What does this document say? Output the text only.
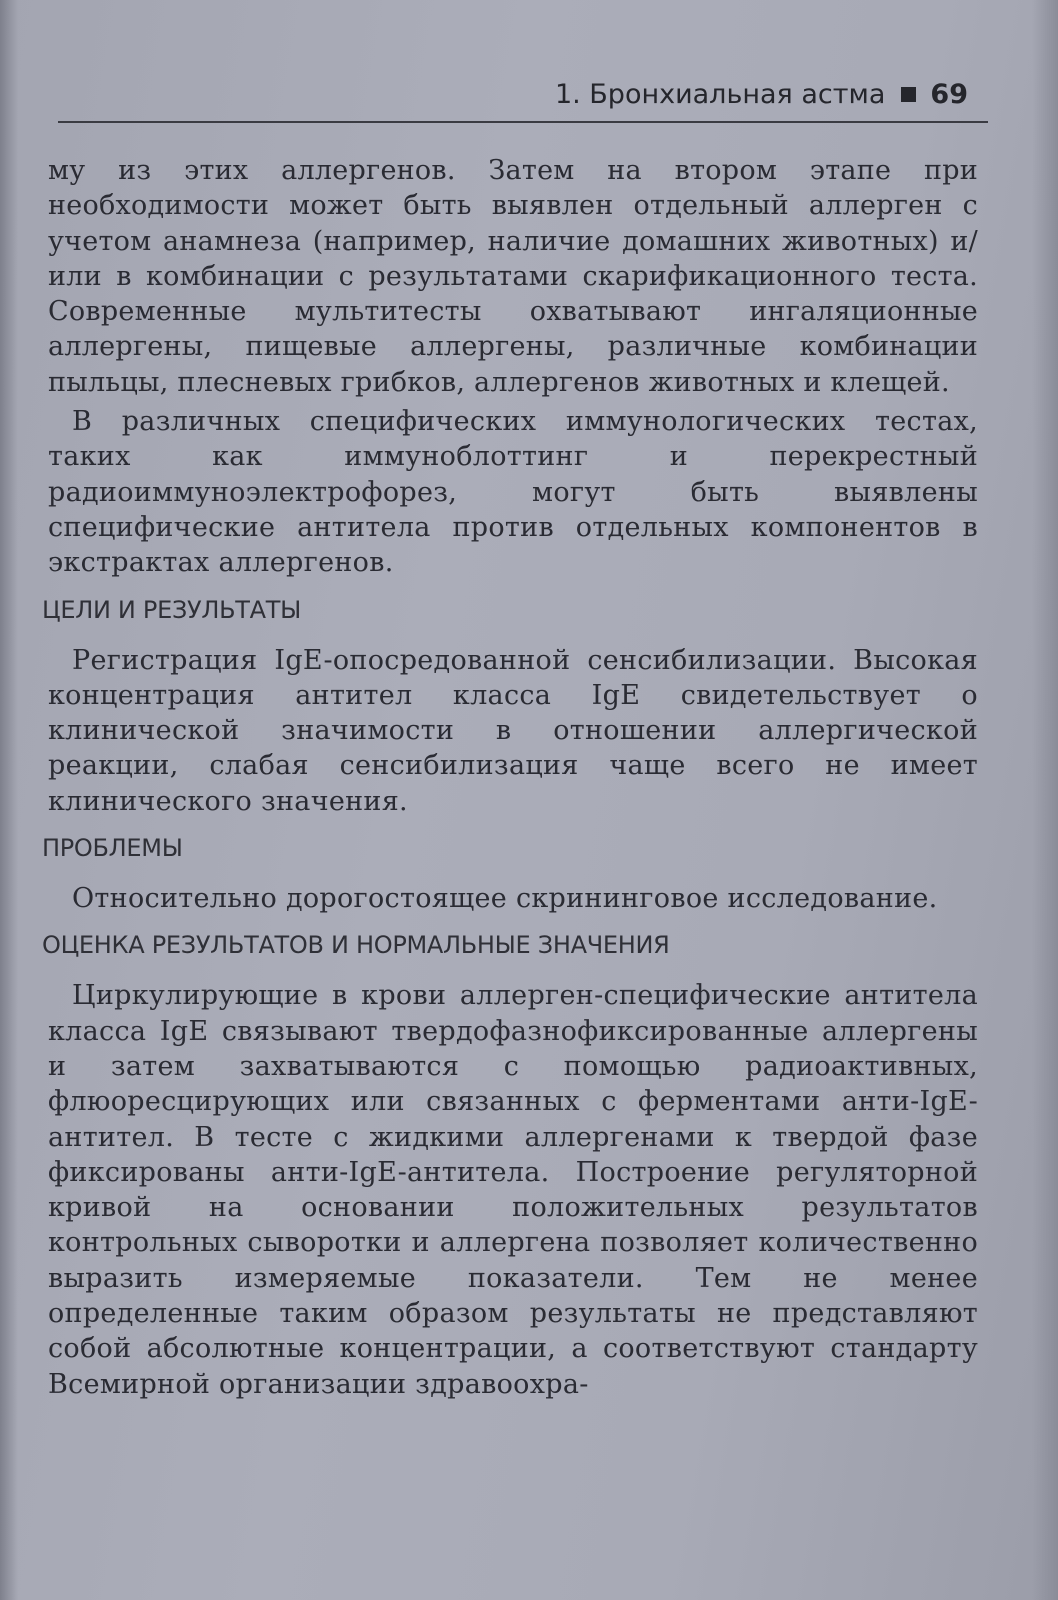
1. Бронхиальная астма 69

му из этих аллергенов. Затем на втором этапе при необходимости может быть выявлен отдельный аллерген с учетом анамнеза (например, наличие домашних животных) и/или в комбинации с результатами скарификационного теста. Современные мультитесты охватывают ингаляционные аллергены, пищевые аллергены, различные комбинации пыльцы, плесневых грибков, аллергенов животных и клещей.

В различных специфических иммунологических тестах, таких как иммуноблоттинг и перекрестный радиоиммуноэлектрофорез, могут быть выявлены специфические антитела против отдельных компонентов в экстрактах аллергенов.

ЦЕЛИ И РЕЗУЛЬТАТЫ

Регистрация IgE-опосредованной сенсибилизации. Высокая концентрация антител класса IgE свидетельствует о клинической значимости в отношении аллергической реакции, слабая сенсибилизация чаще всего не имеет клинического значения.

ПРОБЛЕМЫ

Относительно дорогостоящее скрининговое исследование.

ОЦЕНКА РЕЗУЛЬТАТОВ И НОРМАЛЬНЫЕ ЗНАЧЕНИЯ

Циркулирующие в крови аллерген-специфические антитела класса IgE связывают твердофазнофиксированные аллергены и затем захватываются с помощью радиоактивных, флюоресцирующих или связанных с ферментами анти-IgE-антител. В тесте с жидкими аллергенами к твердой фазе фиксированы анти-IgE-антитела. Построение регуляторной кривой на основании положительных результатов контрольных сыворотки и аллергена позволяет количественно выразить измеряемые показатели. Тем не менее определенные таким образом результаты не представляют собой абсолютные концентрации, а соответствуют стандарту Всемирной организации здравоохра-
